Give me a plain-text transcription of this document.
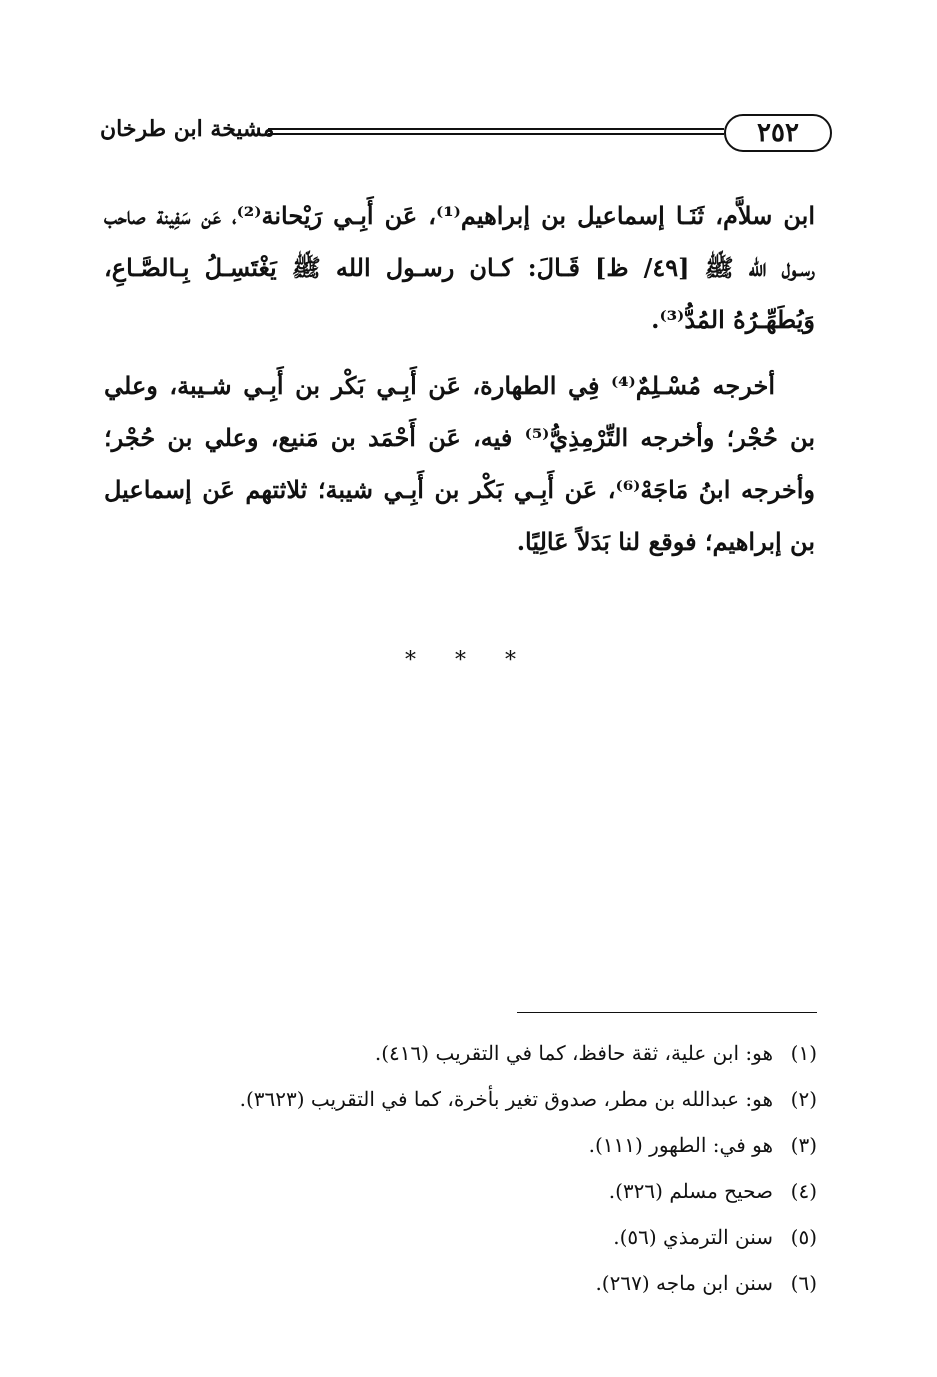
٢٥٢
مشيخة ابن طرخان

ابن سلاَّم، ثَنَـا إسماعيل بن إبراهيم⁽¹⁾، عَن أَبِـي رَيْحانة⁽²⁾، عَن سَفِينة صاحب رسـول الله ﷺ [٤٩/ ظ] قَـالَ: كـان رسـول الله ﷺ يَغْتَسِـلُ بِـالصَّـاعِ، وَيُطَهِّـرُهُ المُدُّ⁽³⁾.

أخرجه مُسْـلِمٌ⁽⁴⁾ فِي الطهارة، عَن أَبِـي بَكْر بن أَبِـي شـيبة، وعلي بن حُجْر؛ وأخرجه التِّرْمِذِيُّ⁽⁵⁾ فيه، عَن أَحْمَد بن مَنيع، وعلي بن حُجْر؛ وأخرجه ابنُ مَاجَهْ⁽⁶⁾، عَن أَبِـي بَكْر بن أَبِـي شيبة؛ ثلاثتهم عَن إسماعيل بن إبراهيم؛ فوقع لنا بَدَلاً عَالِيًا.

* * *
(١)هو: ابن علية، ثقة حافظ، كما في التقريب (٤١٦).
(٢)هو: عبدالله بن مطر، صدوق تغير بأخرة، كما في التقريب (٣٦٢٣).
(٣)هو في: الطهور (١١١).
(٤)صحيح مسلم (٣٢٦).
(٥)سنن الترمذي (٥٦).
(٦)سنن ابن ماجه (٢٦٧).
